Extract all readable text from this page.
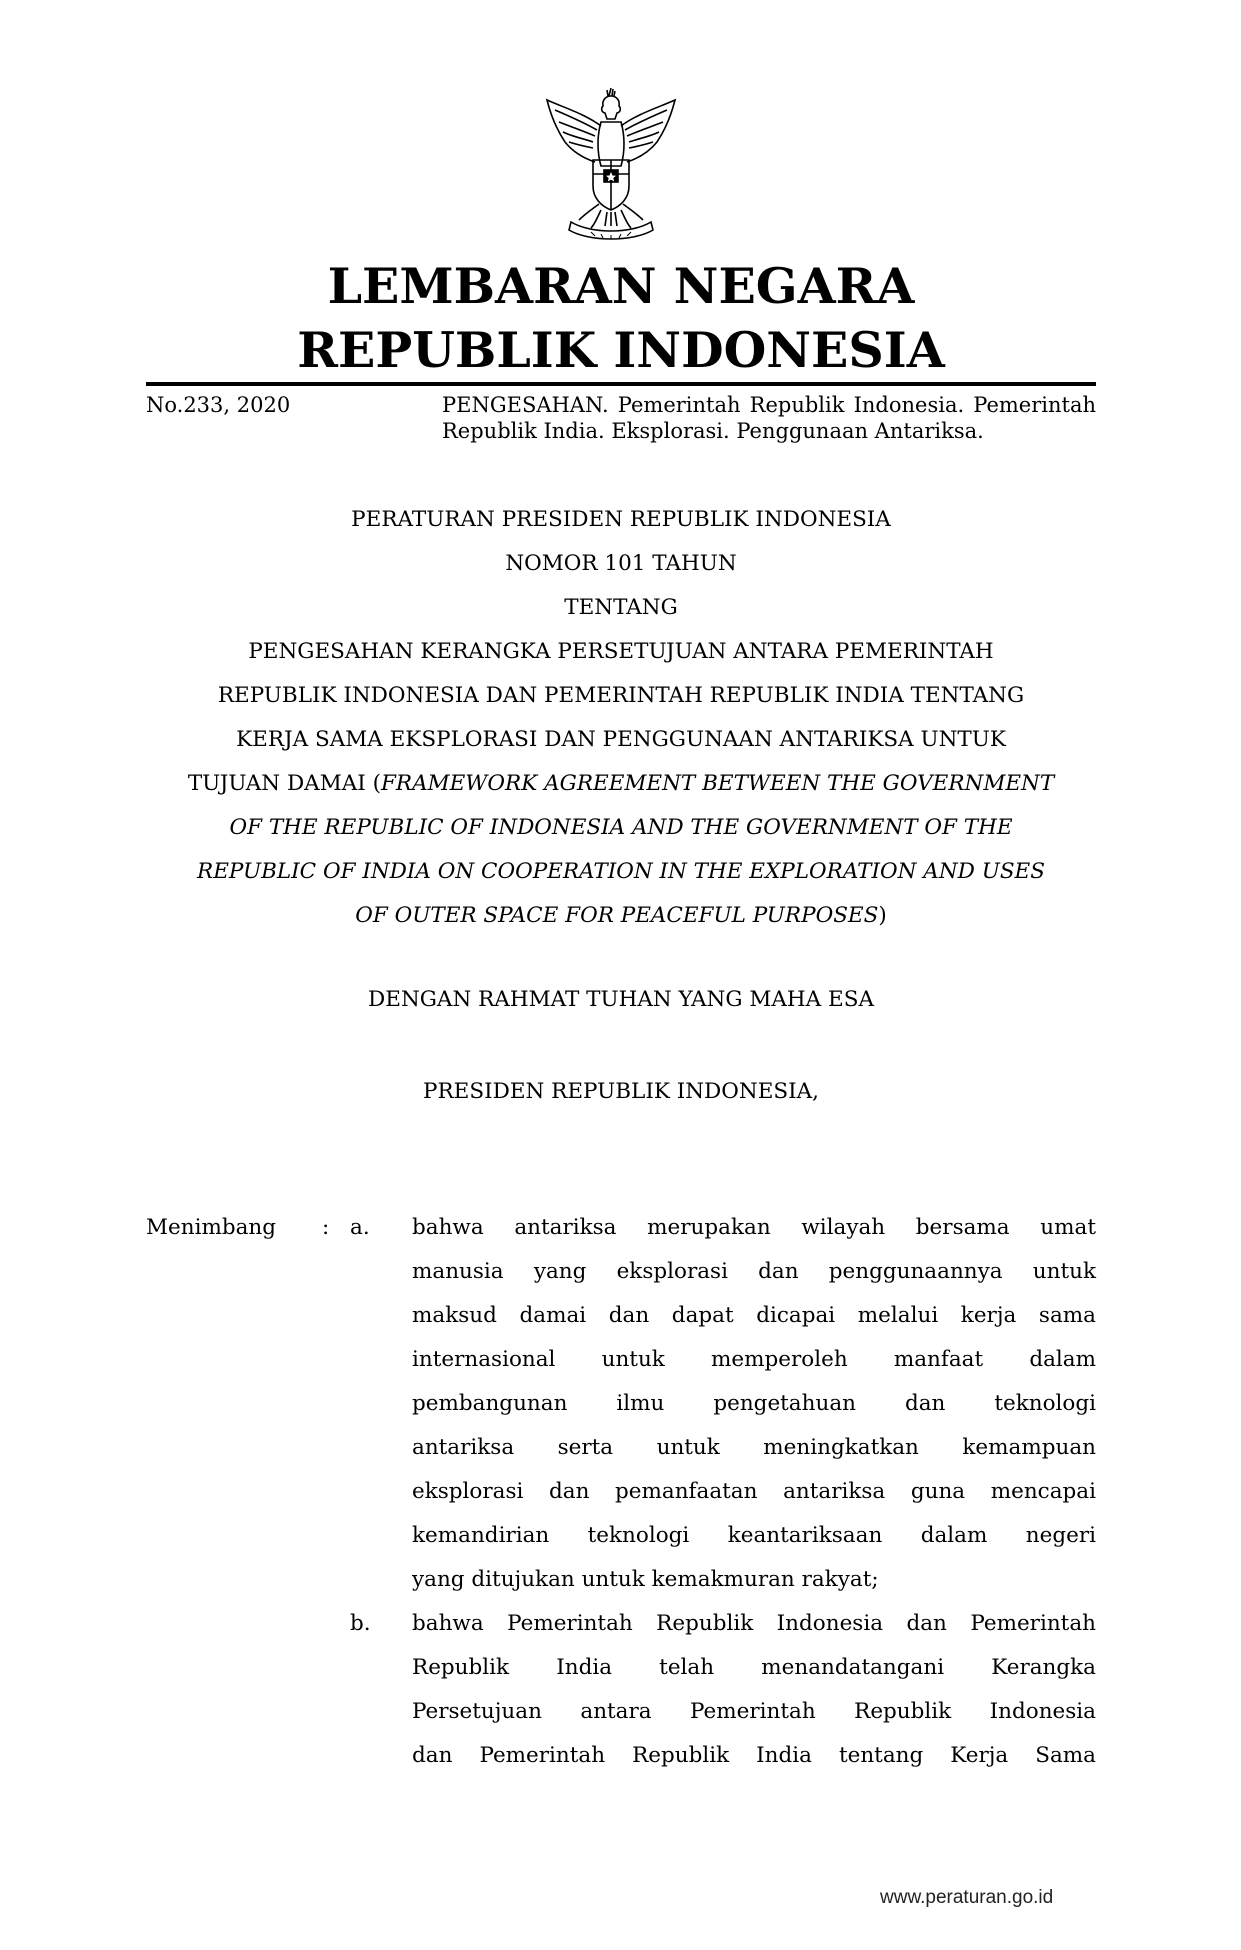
LEMBARAN NEGARA
REPUBLIK INDONESIA
No.233, 2020	PENGESAHAN. Pemerintah Republik Indonesia. Pemerintah Republik India. Eksplorasi. Penggunaan Antariksa.
PERATURAN PRESIDEN REPUBLIK INDONESIA
NOMOR 101 TAHUN
TENTANG
PENGESAHAN KERANGKA PERSETUJUAN ANTARA PEMERINTAH
REPUBLIK INDONESIA DAN PEMERINTAH REPUBLIK INDIA TENTANG
KERJA SAMA EKSPLORASI DAN PENGGUNAAN ANTARIKSA UNTUK
TUJUAN DAMAI (FRAMEWORK AGREEMENT BETWEEN THE GOVERNMENT
OF THE REPUBLIC OF INDONESIA AND THE GOVERNMENT OF THE
REPUBLIC OF INDIA ON COOPERATION IN THE EXPLORATION AND USES
OF OUTER SPACE FOR PEACEFUL PURPOSES)
DENGAN RAHMAT TUHAN YANG MAHA ESA
PRESIDEN REPUBLIK INDONESIA,
Menimbang : a. bahwa antariksa merupakan wilayah bersama umat
manusia yang eksplorasi dan penggunaannya untuk
maksud damai dan dapat dicapai melalui kerja sama
internasional untuk memperoleh manfaat dalam
pembangunan ilmu pengetahuan dan teknologi
antariksa serta untuk meningkatkan kemampuan
eksplorasi dan pemanfaatan antariksa guna mencapai
kemandirian teknologi keantariksaan dalam negeri
yang ditujukan untuk kemakmuran rakyat;
b. bahwa Pemerintah Republik Indonesia dan Pemerintah
Republik India telah menandatangani Kerangka
Persetujuan antara Pemerintah Republik Indonesia
dan Pemerintah Republik India tentang Kerja Sama
www.peraturan.go.id
